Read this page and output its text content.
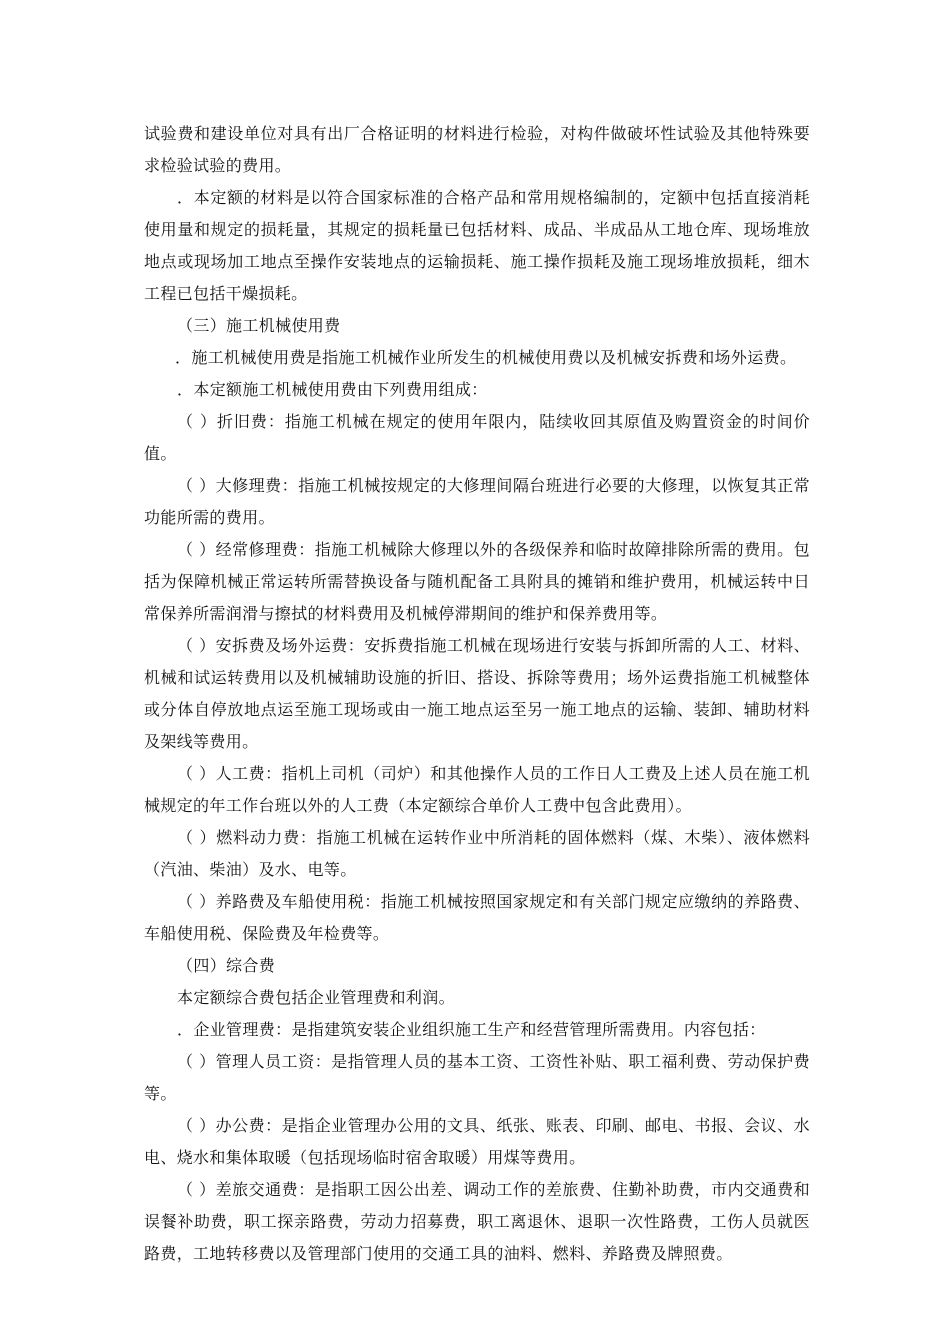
试验费和建设单位对具有出厂合格证明的材料进行检验，对构件做破坏性试验及其他特殊要求检验试验的费用。

．本定额的材料是以符合国家标准的合格产品和常用规格编制的，定额中包括直接消耗使用量和规定的损耗量，其规定的损耗量已包括材料、成品、半成品从工地仓库、现场堆放地点或现场加工地点至操作安装地点的运输损耗、施工操作损耗及施工现场堆放损耗，细木工程已包括干燥损耗。

（三）施工机械使用费

．施工机械使用费是指施工机械作业所发生的机械使用费以及机械安拆费和场外运费。

．本定额施工机械使用费由下列费用组成：

（ ）折旧费：指施工机械在规定的使用年限内，陆续收回其原值及购置资金的时间价值。

（ ）大修理费：指施工机械按规定的大修理间隔台班进行必要的大修理，以恢复其正常功能所需的费用。

（ ）经常修理费：指施工机械除大修理以外的各级保养和临时故障排除所需的费用。包括为保障机械正常运转所需替换设备与随机配备工具附具的摊销和维护费用，机械运转中日常保养所需润滑与擦拭的材料费用及机械停滞期间的维护和保养费用等。

（ ）安拆费及场外运费：安拆费指施工机械在现场进行安装与拆卸所需的人工、材料、机械和试运转费用以及机械辅助设施的折旧、搭设、拆除等费用；场外运费指施工机械整体或分体自停放地点运至施工现场或由一施工地点运至另一施工地点的运输、装卸、辅助材料及架线等费用。

（ ）人工费：指机上司机（司炉）和其他操作人员的工作日人工费及上述人员在施工机械规定的年工作台班以外的人工费（本定额综合单价人工费中包含此费用）。

（ ）燃料动力费：指施工机械在运转作业中所消耗的固体燃料（煤、木柴）、液体燃料（汽油、柴油）及水、电等。

（ ）养路费及车船使用税：指施工机械按照国家规定和有关部门规定应缴纳的养路费、车船使用税、保险费及年检费等。

（四）综合费

本定额综合费包括企业管理费和利润。

．企业管理费：是指建筑安装企业组织施工生产和经营管理所需费用。内容包括：

（ ）管理人员工资：是指管理人员的基本工资、工资性补贴、职工福利费、劳动保护费等。

（ ）办公费：是指企业管理办公用的文具、纸张、账表、印刷、邮电、书报、会议、水电、烧水和集体取暖（包括现场临时宿舍取暖）用煤等费用。

（ ）差旅交通费：是指职工因公出差、调动工作的差旅费、住勤补助费，市内交通费和误餐补助费，职工探亲路费，劳动力招募费，职工离退休、退职一次性路费，工伤人员就医路费，工地转移费以及管理部门使用的交通工具的油料、燃料、养路费及牌照费。
